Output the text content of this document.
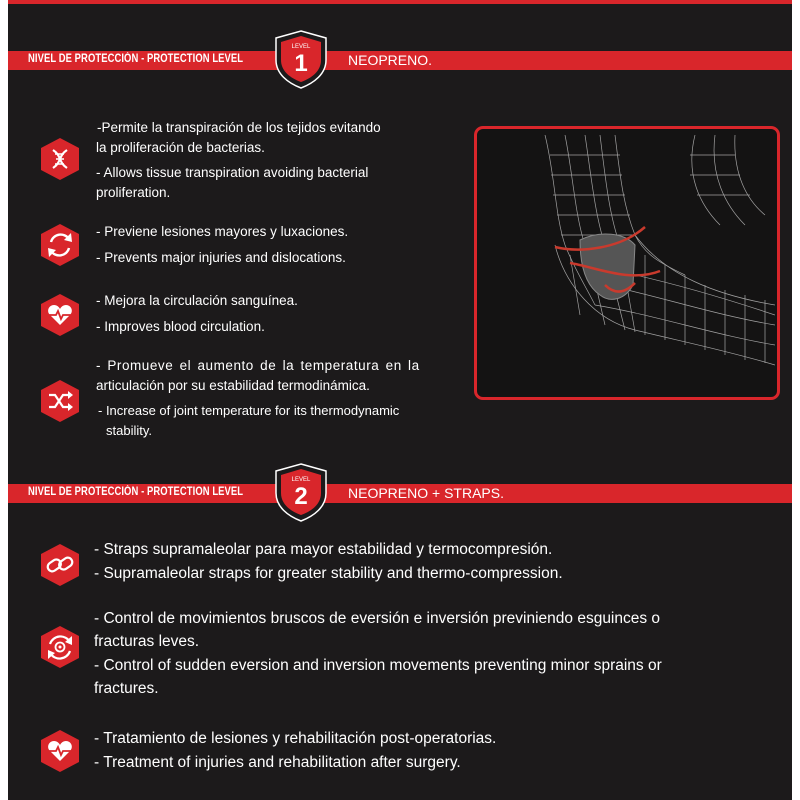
NIVEL DE PROTECCIÓN - PROTECTION LEVEL	NEOPRENO.
LEVEL
1
-Permite la transpiración de los tejidos evitando
la proliferación de bacterias.
- Allows tissue transpiration avoiding bacterial
proliferation.
- Previene lesiones mayores y luxaciones.
- Prevents major injuries and dislocations.
- Mejora la circulación sanguínea.
- Improves blood circulation.
- Promueve el aumento de la temperatura en la
articulación por su estabilidad termodinámica.
- Increase of joint temperature for its thermodynamic
stability.
NIVEL DE PROTECCIÓN - PROTECTION LEVEL	NEOPRENO + STRAPS.
LEVEL
2
- Straps supramaleolar para mayor estabilidad y termocompresión.
- Supramaleolar straps for greater stability and thermo-compression.
- Control de movimientos bruscos de eversión e inversión previniendo esguinces o
fracturas leves.
- Control of sudden eversion and inversion movements preventing minor sprains or
fractures.
- Tratamiento de lesiones y rehabilitación post-operatorias.
- Treatment of injuries and rehabilitation after surgery.
